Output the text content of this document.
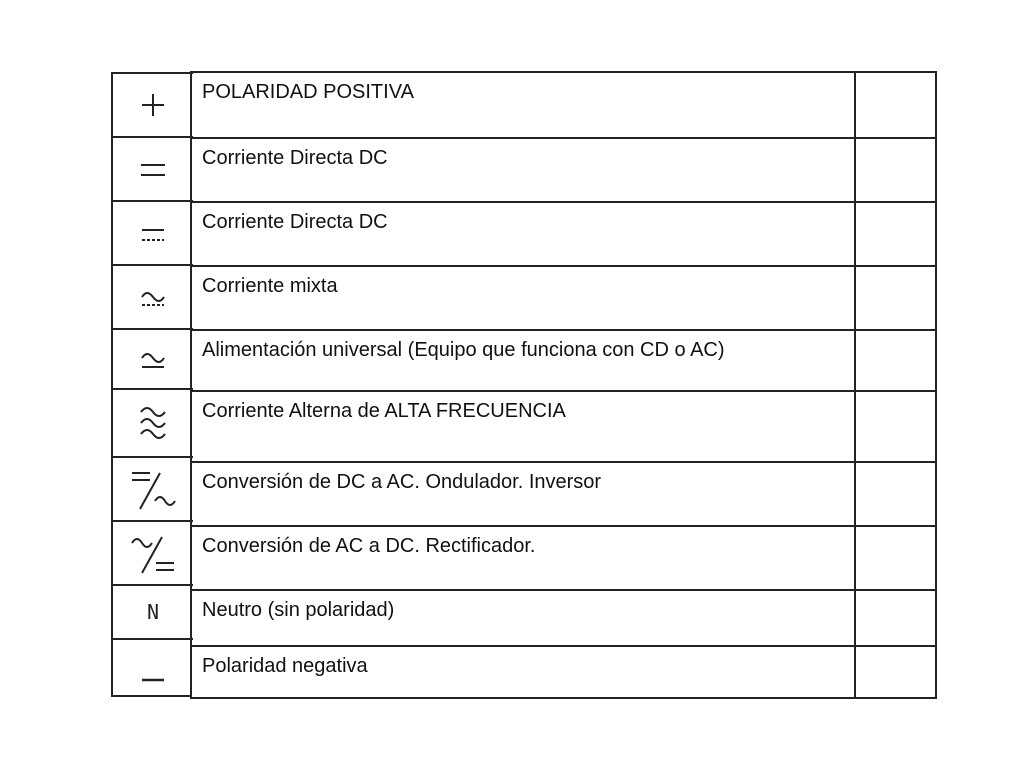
N
POLARIDAD POSITIVA
Corriente Directa DC
Corriente Directa DC
Corriente mixta
Alimentación universal (Equipo que funciona con CD o AC)
Corriente Alterna de ALTA FRECUENCIA
Conversión de DC a AC. Ondulador. Inversor
Conversión de AC a DC. Rectificador.
Neutro (sin polaridad)
Polaridad negativa
